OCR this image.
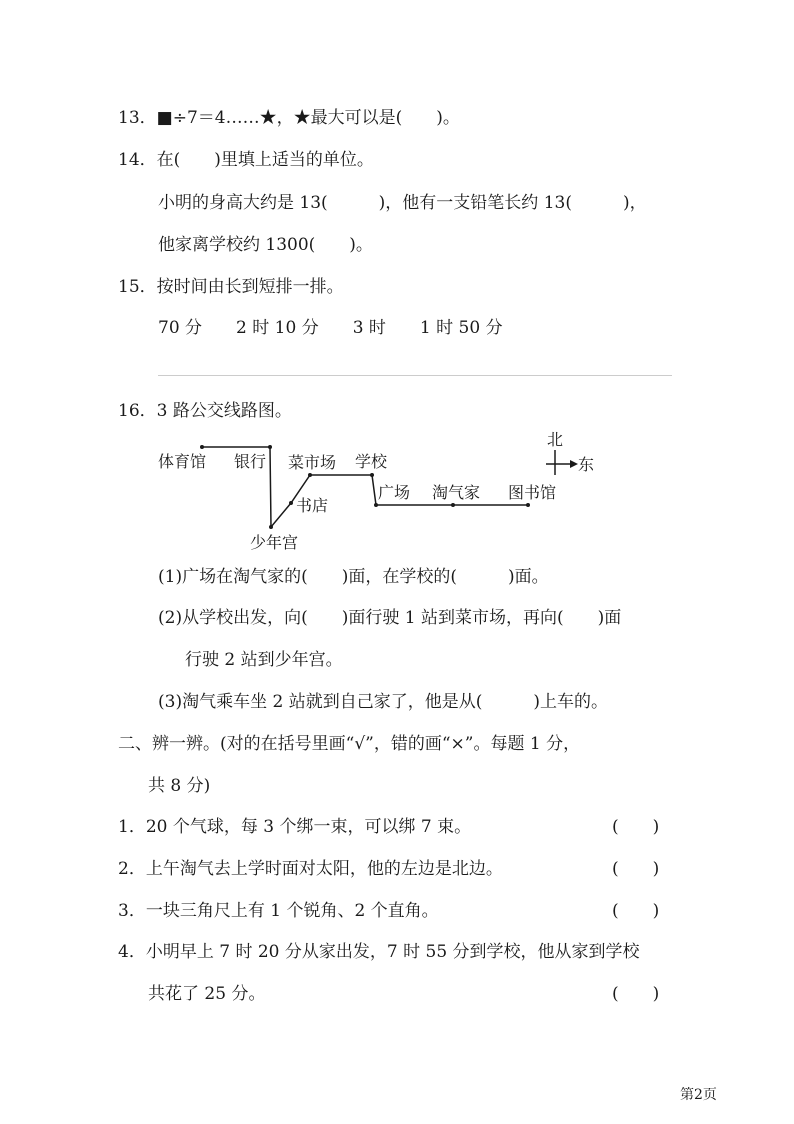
13．■÷7＝4……★，★最大可以是(　　)。
14．在(　　)里填上适当的单位。
小明的身高大约是 13(　　　)，他有一支铅笔长约 13(　　　)，
他家离学校约 1300(　　)。
15．按时间由长到短排一排。
70 分　　2 时 10 分　　3 时　　1 时 50 分
16．3 路公交线路图。
体育馆 银行
少年宫
书店
菜市场 学校
广场 淘气家 图书馆
北
东
(1)广场在淘气家的(　　)面，在学校的(　　　)面。
(2)从学校出发，向(　　)面行驶 1 站到菜市场，再向(　　)面
行驶 2 站到少年宫。
(3)淘气乘车坐 2 站就到自己家了，他是从(　　　)上车的。
二、辨一辨。(对的在括号里画“√”，错的画“×”。每题 1 分，
共 8 分)
1．20 个气球，每 3 个绑一束，可以绑 7 束。	(　　)
2．上午淘气去上学时面对太阳，他的左边是北边。	(　　)
3．一块三角尺上有 1 个锐角、2 个直角。	(　　)
4．小明早上 7 时 20 分从家出发，7 时 55 分到学校，他从家到学校
共花了 25 分。	(　　)
第2页
